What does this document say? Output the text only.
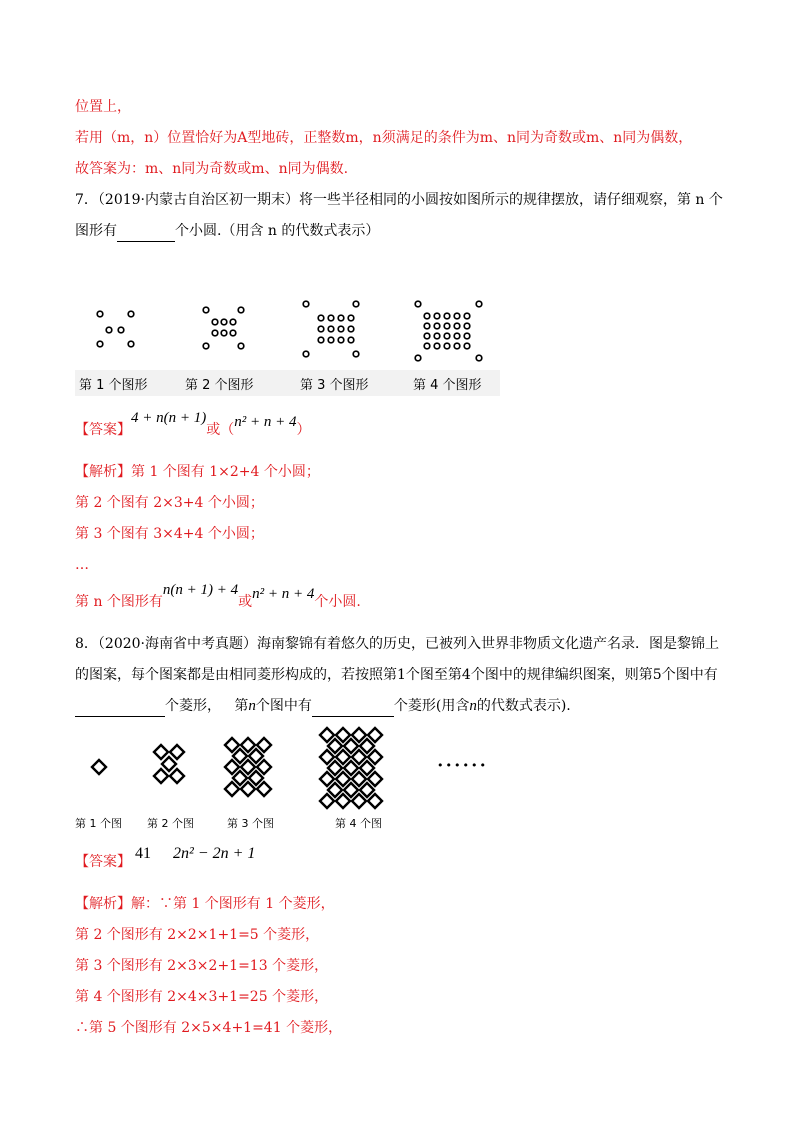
位置上，
若用（m，n）位置恰好为A型地砖，正整数m，n须满足的条件为m、n同为奇数或m、n同为偶数，
故答案为：m、n同为奇数或m、n同为偶数.
7．（2019·内蒙古自治区初一期末）将一些半径相同的小圆按如图所示的规律摆放，请仔细观察，第 n 个
图形有	个小圆.（用含 n 的代数式表示）
第 1 个图形	第 2 个图形	第 3 个图形	第 4 个图形
【答案】4 + n(n + 1)或（n² + n + 4）
【解析】第 1 个图有 1×2+4 个小圆；
第 2 个图有 2×3+4 个小圆；
第 3 个图有 3×4+4 个小圆；
…
第 n 个图形有n(n + 1) + 4或n² + n + 4个小圆.
8．（2020·海南省中考真题）海南黎锦有着悠久的历史，已被列入世界非物质文化遗产名录．图是黎锦上
的图案，每个图案都是由相同菱形构成的，若按照第1个图至第4个图中的规律编织图案，则第5个图中有
个菱形， 第n个图中有	个菱形(用含n的代数式表示).
••••••
第 1 个图 第 2 个图	第 3 个图	第 4 个图
【答案】 41 2n² − 2n + 1
【解析】解：∵第 1 个图形有 1 个菱形，
第 2 个图形有 2×2×1+1=5 个菱形，
第 3 个图形有 2×3×2+1=13 个菱形，
第 4 个图形有 2×4×3+1=25 个菱形，
∴第 5 个图形有 2×5×4+1=41 个菱形，
